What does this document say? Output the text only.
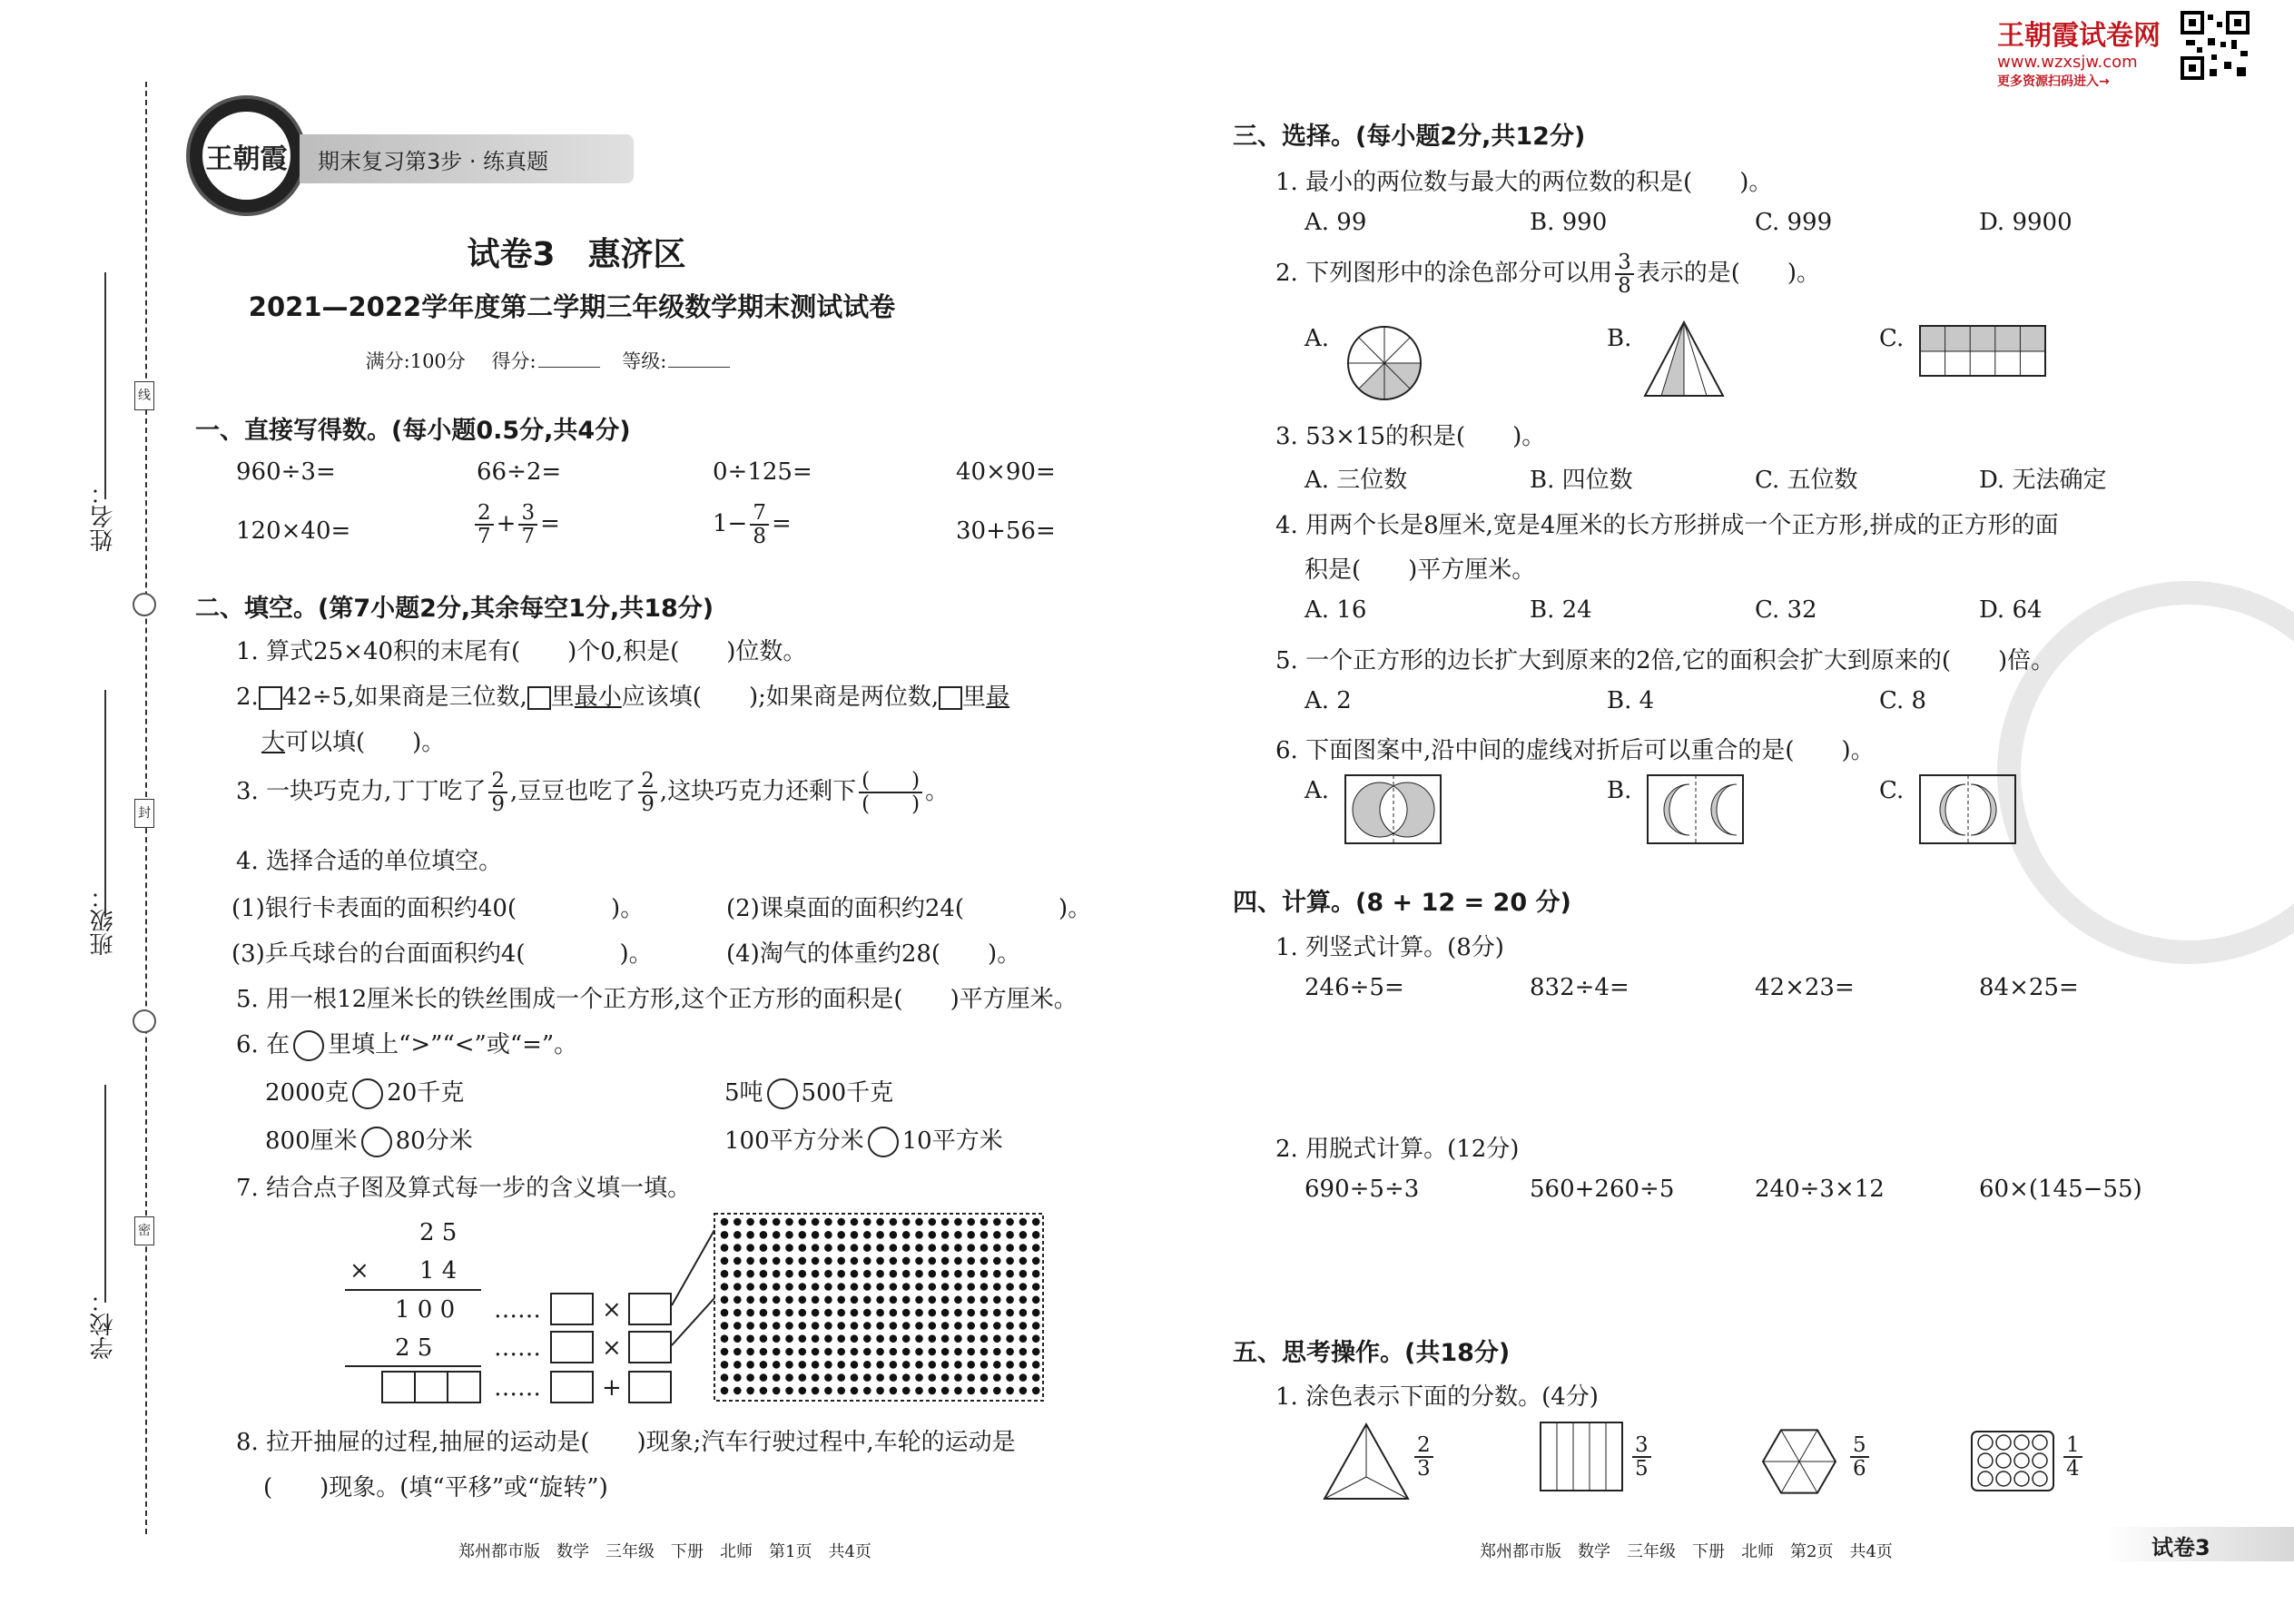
姓名：
班级：
学校：
线
封
密
王朝霞 期末复习第3步 · 练真题
王朝霞试卷网
www.wzxsjw.com
更多资源扫码进入→
试卷3　惠济区
2021—2022学年度第二学期三年级数学期末测试试卷
满分:100分 得分:	等级:
一、直接写得数。(每小题0.5分,共4分)
960÷3=	66÷2=	0÷125=	40×90=
120×40=	$\frac{2}{7} + \frac{3}{7}$ =	$1- \frac{7}{8}$ =	30+56=
二、填空。(第7小题2分,其余每空1分,共18分)
1. 算式25×40积的末尾有(　　)个0,积是(　　)位数。
2. 42÷5,如果商是三位数, 里最小应该填(　　);如果商是两位数, 里最
大可以填(　　)。
3. 一块巧克力,丁丁吃了 $\frac{2}{9}$ ,豆豆也吃了 $\frac{2}{9}$ ,这块巧克力还剩下 $\frac{( )}{( )}$ 。
4. 选择合适的单位填空。
(1)银行卡表面的面积约40(　　　　)。	(2)课桌面的面积约24(　　　　)。
(3)乒乓球台的台面面积约4(　　　　)。	(4)淘气的体重约28(　　)。
5. 用一根12厘米长的铁丝围成一个正方形,这个正方形的面积是(　　)平方厘米。
6. 在 里填上“>”“<”或“=”。
2000克 20千克	5吨 500千克
800厘米 80分米	100平方分米 10平方米
7. 结合点子图及算式每一步的含义填一填。
2 5
× 1 4
1 0 0
2 5
……	×
……	×
……	+
8. 拉开抽屉的过程,抽屉的运动是(　　)现象;汽车行驶过程中,车轮的运动是
(　　)现象。(填“平移”或“旋转”)
郑州都市版　数学　三年级　下册　北师　第1页　共4页
三、选择。(每小题2分,共12分)
1. 最小的两位数与最大的两位数的积是(　　)。
A. 99	B. 990	C. 999	D. 9900
2. 下列图形中的涂色部分可以用 $\frac{3}{8}$ 表示的是(　　)。
A.	B.	C.
3. 53×15的积是(　　)。
A. 三位数	B. 四位数	C. 五位数	D. 无法确定
4. 用两个长是8厘米,宽是4厘米的长方形拼成一个正方形,拼成的正方形的面
积是(　　)平方厘米。
A. 16	B. 24	C. 32	D. 64
5. 一个正方形的边长扩大到原来的2倍,它的面积会扩大到原来的(　　)倍。
A. 2	B. 4	C. 8
6. 下面图案中,沿中间的虚线对折后可以重合的是(　　)。
A.	B.	C.
四、计算。(8 + 12 = 20 分)
1. 列竖式计算。(8分)
246÷5=	832÷4=	42×23=	84×25=
2. 用脱式计算。(12分)
690÷5÷3	560+260÷5	240÷3×12	60×(145−55)
五、思考操作。(共18分)
1. 涂色表示下面的分数。(4分)
$\frac{2}{3}$	$\frac{3}{5}$	$\frac{5}{6}$	$\frac{1}{4}$
郑州都市版　数学　三年级　下册　北师　第2页　共4页	试卷3
